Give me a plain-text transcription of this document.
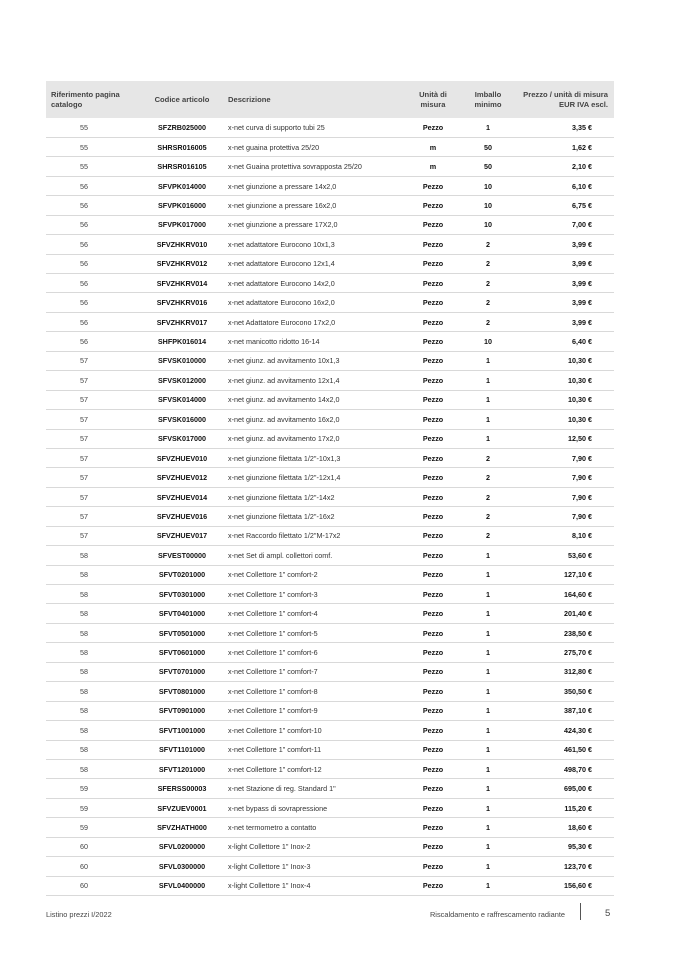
Riferimento pagina catalogo	Codice articolo	Descrizione	Unità di misura	Imballo minimo	Prezzo / unità di misura EUR IVA escl.
55	SFZRB025000	x-net curva di supporto tubi 25	Pezzo	1	3,35 €
55	SHRSR016005	x-net guaina protettiva 25/20	m	50	1,62 €
55	SHRSR016105	x-net Guaina protettiva sovrapposta 25/20	m	50	2,10 €
56	SFVPK014000	x-net giunzione a pressare 14x2,0	Pezzo	10	6,10 €
56	SFVPK016000	x-net giunzione a pressare 16x2,0	Pezzo	10	6,75 €
56	SFVPK017000	x-net giunzione a pressare 17X2,0	Pezzo	10	7,00 €
56	SFVZHKRV010	x-net adattatore Eurocono 10x1,3	Pezzo	2	3,99 €
56	SFVZHKRV012	x-net adattatore Eurocono 12x1,4	Pezzo	2	3,99 €
56	SFVZHKRV014	x-net adattatore Eurocono 14x2,0	Pezzo	2	3,99 €
56	SFVZHKRV016	x-net adattatore Eurocono 16x2,0	Pezzo	2	3,99 €
56	SFVZHKRV017	x-net Adattatore Eurocono 17x2,0	Pezzo	2	3,99 €
56	SHFPK016014	x-net manicotto ridotto 16-14	Pezzo	10	6,40 €
57	SFVSK010000	x-net giunz. ad avvitamento 10x1,3	Pezzo	1	10,30 €
57	SFVSK012000	x-net giunz. ad avvitamento 12x1,4	Pezzo	1	10,30 €
57	SFVSK014000	x-net giunz. ad avvitamento 14x2,0	Pezzo	1	10,30 €
57	SFVSK016000	x-net giunz. ad avvitamento 16x2,0	Pezzo	1	10,30 €
57	SFVSK017000	x-net giunz. ad avvitamento 17x2,0	Pezzo	1	12,50 €
57	SFVZHUEV010	x-net giunzione filettata 1/2"-10x1,3	Pezzo	2	7,90 €
57	SFVZHUEV012	x-net giunzione filettata 1/2"-12x1,4	Pezzo	2	7,90 €
57	SFVZHUEV014	x-net giunzione filettata 1/2"-14x2	Pezzo	2	7,90 €
57	SFVZHUEV016	x-net giunzione filettata 1/2"-16x2	Pezzo	2	7,90 €
57	SFVZHUEV017	x-net Raccordo filettato 1/2"M-17x2	Pezzo	2	8,10 €
58	SFVEST00000	x-net Set di ampl. collettori comf.	Pezzo	1	53,60 €
58	SFVT0201000	x-net Collettore 1" comfort-2	Pezzo	1	127,10 €
58	SFVT0301000	x-net Collettore 1" comfort-3	Pezzo	1	164,60 €
58	SFVT0401000	x-net Collettore 1" comfort-4	Pezzo	1	201,40 €
58	SFVT0501000	x-net Collettore 1" comfort-5	Pezzo	1	238,50 €
58	SFVT0601000	x-net Collettore 1" comfort-6	Pezzo	1	275,70 €
58	SFVT0701000	x-net Collettore 1" comfort-7	Pezzo	1	312,80 €
58	SFVT0801000	x-net Collettore 1" comfort-8	Pezzo	1	350,50 €
58	SFVT0901000	x-net Collettore 1" comfort-9	Pezzo	1	387,10 €
58	SFVT1001000	x-net Collettore 1" comfort-10	Pezzo	1	424,30 €
58	SFVT1101000	x-net Collettore 1" comfort-11	Pezzo	1	461,50 €
58	SFVT1201000	x-net Collettore 1" comfort-12	Pezzo	1	498,70 €
59	SFERSS00003	x-net Stazione di reg. Standard 1"	Pezzo	1	695,00 €
59	SFVZUEV0001	x-net bypass di sovrapressione	Pezzo	1	115,20 €
59	SFVZHATH000	x-net termometro a contatto	Pezzo	1	18,60 €
60	SFVL0200000	x-light Collettore 1" Inox-2	Pezzo	1	95,30 €
60	SFVL0300000	x-light Collettore 1" Inox-3	Pezzo	1	123,70 €
60	SFVL0400000	x-light Collettore 1" Inox-4	Pezzo	1	156,60 €
Listino prezzi I/2022	Riscaldamento e raffrescamento radiante	5
